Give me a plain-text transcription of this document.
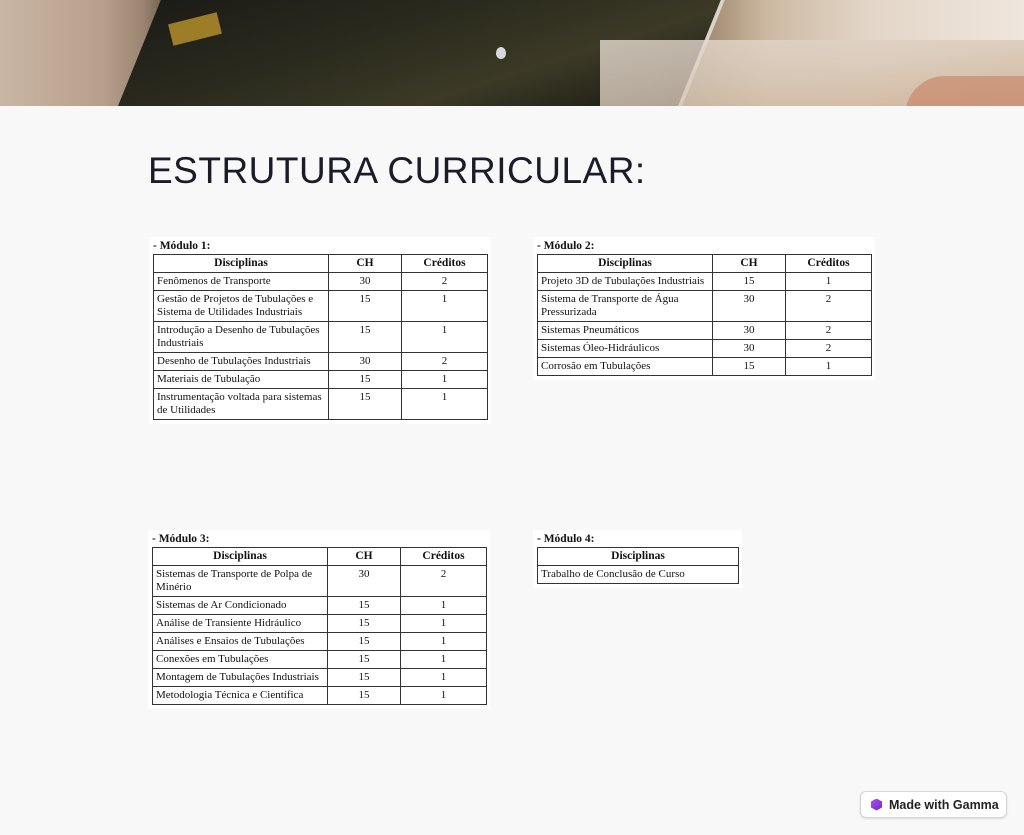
ESTRUTURA CURRICULAR:
- Módulo 1:
Disciplinas	CH	Créditos
Fenômenos de Transporte	30	2
Gestão de Projetos de Tubulações e Sistema de Utilidades Industriais	15	1
Introdução a Desenho de Tubulações Industriais	15	1
Desenho de Tubulações Industriais	30	2
Materiais de Tubulação	15	1
Instrumentação voltada para sistemas de Utilidades	15	1
- Módulo 2:
Disciplinas	CH	Créditos
Projeto 3D de Tubulações Industriais	15	1
Sistema de Transporte de Água Pressurizada	30	2
Sistemas Pneumáticos	30	2
Sistemas Óleo-Hidráulicos	30	2
Corrosão em Tubulações	15	1
- Módulo 3:
Disciplinas	CH	Créditos
Sistemas de Transporte de Polpa de Minério	30	2
Sistemas de Ar Condicionado	15	1
Análise de Transiente Hidráulico	15	1
Análises e Ensaios de Tubulações	15	1
Conexões em Tubulações	15	1
Montagem de Tubulações Industriais	15	1
Metodologia Técnica e Científica	15	1
- Módulo 4:
Disciplinas
Trabalho de Conclusão de Curso
Made with Gamma
